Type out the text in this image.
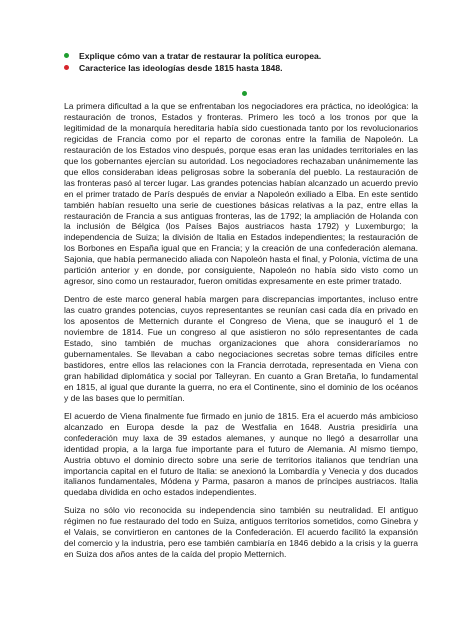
Explique cómo van a tratar de restaurar la política europea.
Caracterice las ideologías desde 1815 hasta 1848.

La primera dificultad a la que se enfrentaban los negociadores era práctica, no ideológica: la restauración de tronos, Estados y fronteras. Primero les tocó a los tronos por que la legitimidad de la monarquía hereditaria había sido cuestionada tanto por los revolucionarios regicidas de Francia como por el reparto de coronas entre la familia de Napoleón. La restauración de los Estados vino después, porque esas eran las unidades territoriales en las que los gobernantes ejercían su autoridad. Los negociadores rechazaban unánimemente las que ellos consideraban ideas peligrosas sobre la soberanía del pueblo. La restauración de las fronteras pasó al tercer lugar. Las grandes potencias habían alcanzado un acuerdo previo en el primer tratado de París después de enviar a Napoleón exiliado a Elba. En este sentido también habían resuelto una serie de cuestiones básicas relativas a la paz, entre ellas la restauración de Francia a sus antiguas fronteras, las de 1792; la ampliación de Holanda con la inclusión de Bélgica (los Países Bajos austriacos hasta 1792) y Luxemburgo; la independencia de Suiza; la división de Italia en Estados independientes; la restauración de los Borbones en España igual que en Francia; y la creación de una confederación alemana. Sajonia, que había permanecido aliada con Napoleón hasta el final, y Polonia, víctima de una partición anterior y en donde, por consiguiente, Napoleón no había sido visto como un agresor, sino como un restaurador, fueron omitidas expresamente en este primer tratado.

Dentro de este marco general había margen para discrepancias importantes, incluso entre las cuatro grandes potencias, cuyos representantes se reunían casi cada día en privado en los aposentos de Metternich durante el Congreso de Viena, que se inauguró el 1 de noviembre de 1814. Fue un congreso al que asistieron no sólo representantes de cada Estado, sino también de muchas organizaciones que ahora consideraríamos no gubernamentales. Se llevaban a cabo negociaciones secretas sobre temas difíciles entre bastidores, entre ellos las relaciones con la Francia derrotada, representada en Viena con gran habilidad diplomática y social por Talleyran. En cuanto a Gran Bretaña, lo fundamental en 1815, al igual que durante la guerra, no era el Continente, sino el dominio de los océanos y de las bases que lo permitían.

El acuerdo de Viena finalmente fue firmado en junio de 1815. Era el acuerdo más ambicioso alcanzado en Europa desde la paz de Westfalia en 1648. Austria presidiría una confederación muy laxa de 39 estados alemanes, y aunque no llegó a desarrollar una identidad propia, a la larga fue importante para el futuro de Alemania. Al mismo tiempo, Austria obtuvo el dominio directo sobre una serie de territorios italianos que tendrían una importancia capital en el futuro de Italia: se anexionó la Lombardía y Venecia y dos ducados italianos fundamentales, Módena y Parma, pasaron a manos de príncipes austriacos. Italia quedaba dividida en ocho estados independientes.

Suiza no sólo vio reconocida su independencia sino también su neutralidad. El antiguo régimen no fue restaurado del todo en Suiza, antiguos territorios sometidos, como Ginebra y el Valais, se convirtieron en cantones de la Confederación. El acuerdo facilitó la expansión del comercio y la industria, pero ese también cambiaría en 1846 debido a la crisis y la guerra en Suiza dos años antes de la caída del propio Metternich.
